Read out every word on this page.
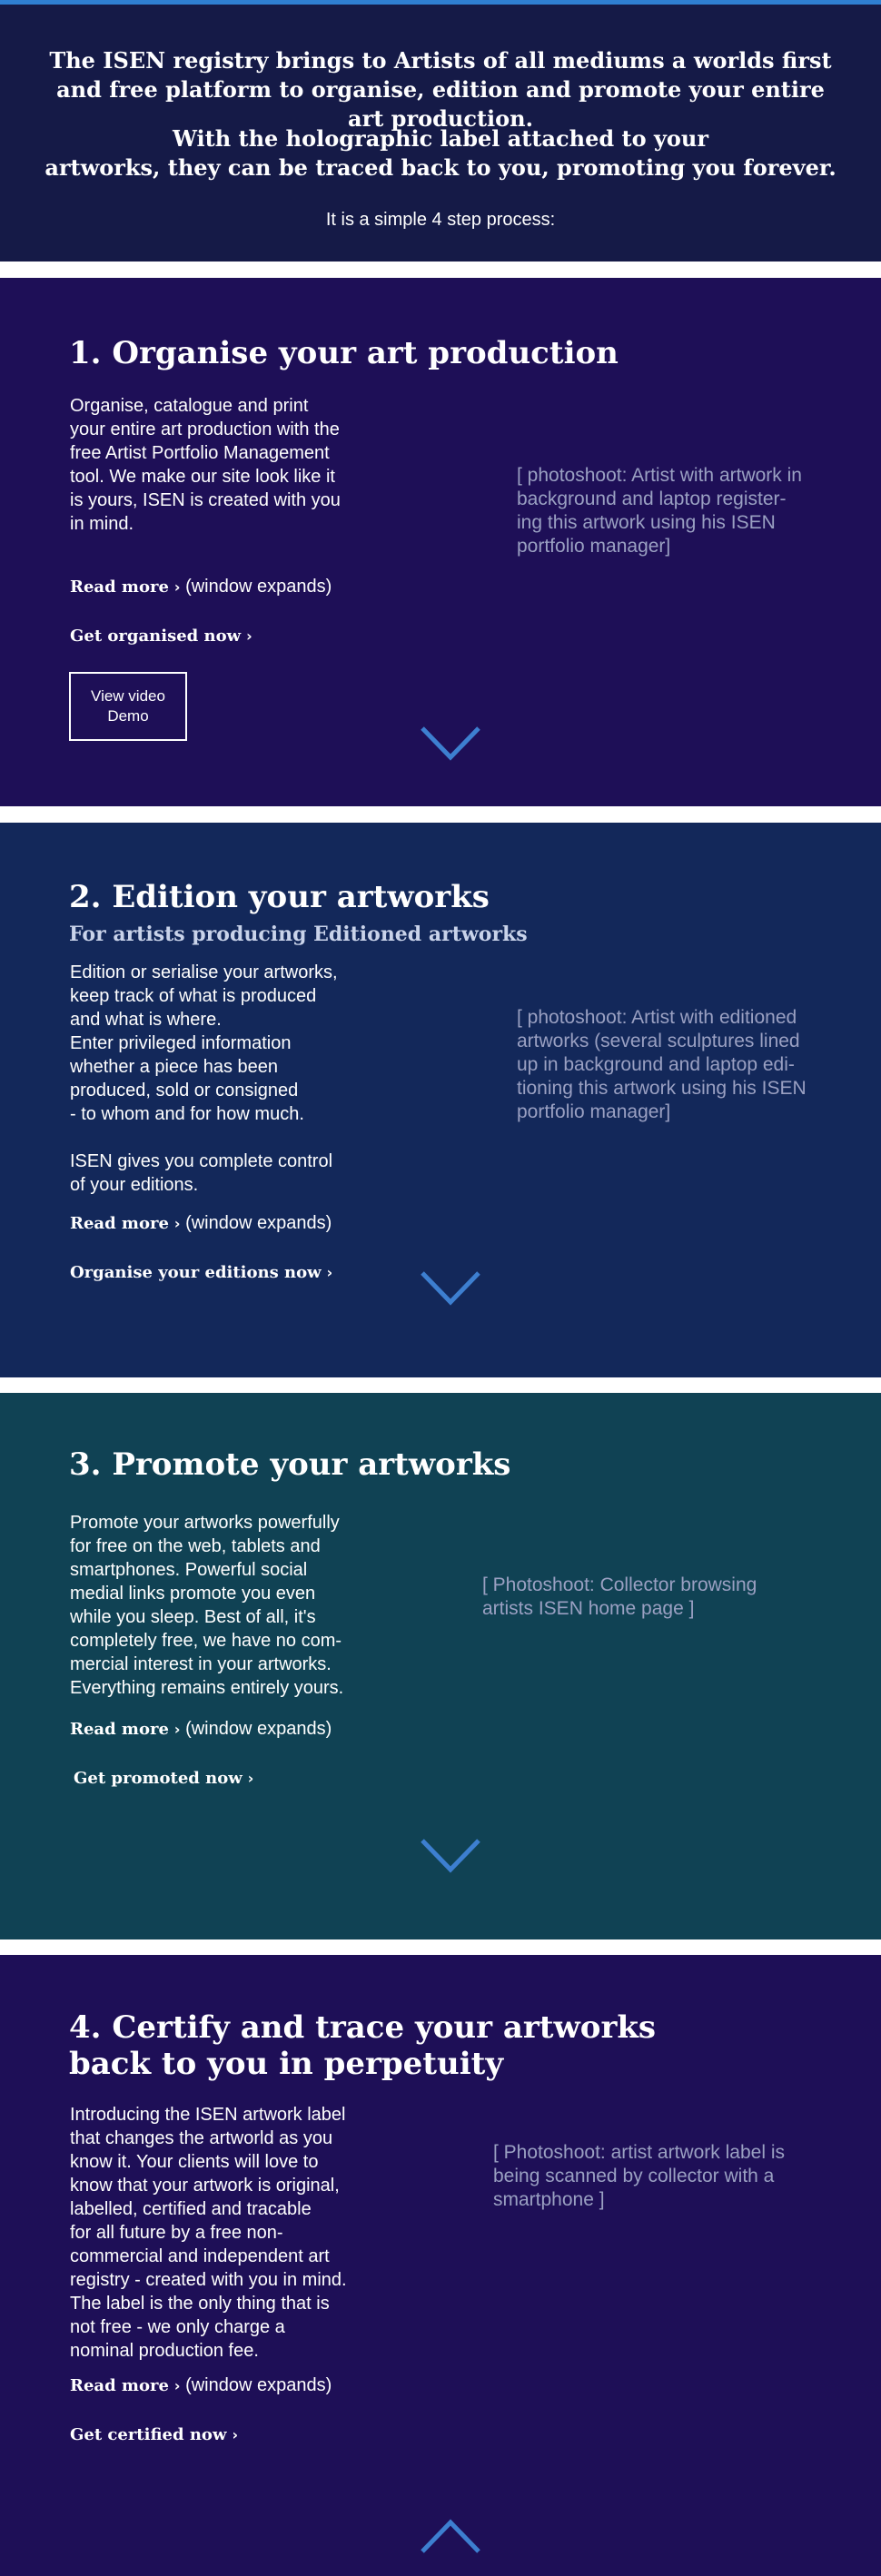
The ISEN registry brings to Artists of all mediums a worlds first and free platform to organise, edition and promote your entire art production.
With the holographic label attached to your
artworks, they can be traced back to you, promoting you forever.
It is a simple 4 step process:
1. Organise your art production

Organise, catalogue and print
your entire art production with the
free Artist Portfolio Management
tool. We make our site look like it
is yours, ISEN is created with you
in mind.

[ photoshoot: Artist with artwork in
background and laptop register-
ing this artwork using his ISEN
portfolio manager]

Read more › (window expands)
Get organised now ›
View video
Demo
2. Edition your artworks
For artists producing Editioned artworks

Edition or serialise your artworks,
keep track of what is produced
and what is where.
Enter privileged information
whether a piece has been
produced, sold or consigned
- to whom and for how much.

ISEN gives you complete control
of your editions.

[ photoshoot: Artist with editioned
artworks (several sculptures lined
up in background and laptop edi-
tioning this artwork using his ISEN
portfolio manager]

Read more › (window expands)
Organise your editions now ›
3. Promote your artworks

Promote your artworks powerfully
for free on the web, tablets and
smartphones. Powerful social
medial links promote you even
while you sleep. Best of all, it's
completely free, we have no com-
mercial interest in your artworks.
Everything remains entirely yours.

[ Photoshoot: Collector browsing
artists ISEN home page ]

Read more › (window expands)
Get promoted now ›
4. Certify and trace your artworks
back to you in perpetuity

Introducing the ISEN artwork label
that changes the artworld as you
know it. Your clients will love to
know that your artwork is original,
labelled, certified and tracable
for all future by a free non-
commercial and independent art
registry - created with you in mind.
The label is the only thing that is
not free - we only charge a
nominal production fee.

[ Photoshoot: artist artwork label is
being scanned by collector with a
smartphone ]

Read more › (window expands)
Get certified now ›
